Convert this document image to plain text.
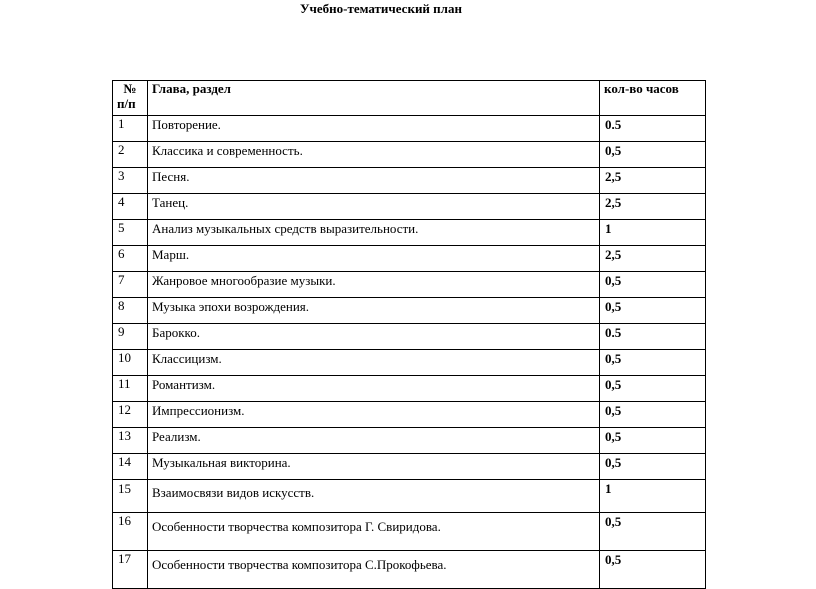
Учебно-тематический план
№
п/п	Глава, раздел	кол-во часов
1	Повторение.	0.5
2	Классика и современность.	0,5
3	Песня.	2,5
4	Танец.	2,5
5	Анализ музыкальных средств выразительности.	1
6	Марш.	2,5
7	Жанровое многообразие музыки.	0,5
8	Музыка эпохи возрождения.	0,5
9	Барокко.	0.5
10	Классицизм.	0,5
11	Романтизм.	0,5
12	Импрессионизм.	0,5
13	Реализм.	0,5
14	Музыкальная викторина.	0,5
15	Взаимосвязи видов искусств.	1
16	Особенности творчества композитора Г. Свиридова.	0,5
17	Особенности творчества композитора С.Прокофьева.	0,5
